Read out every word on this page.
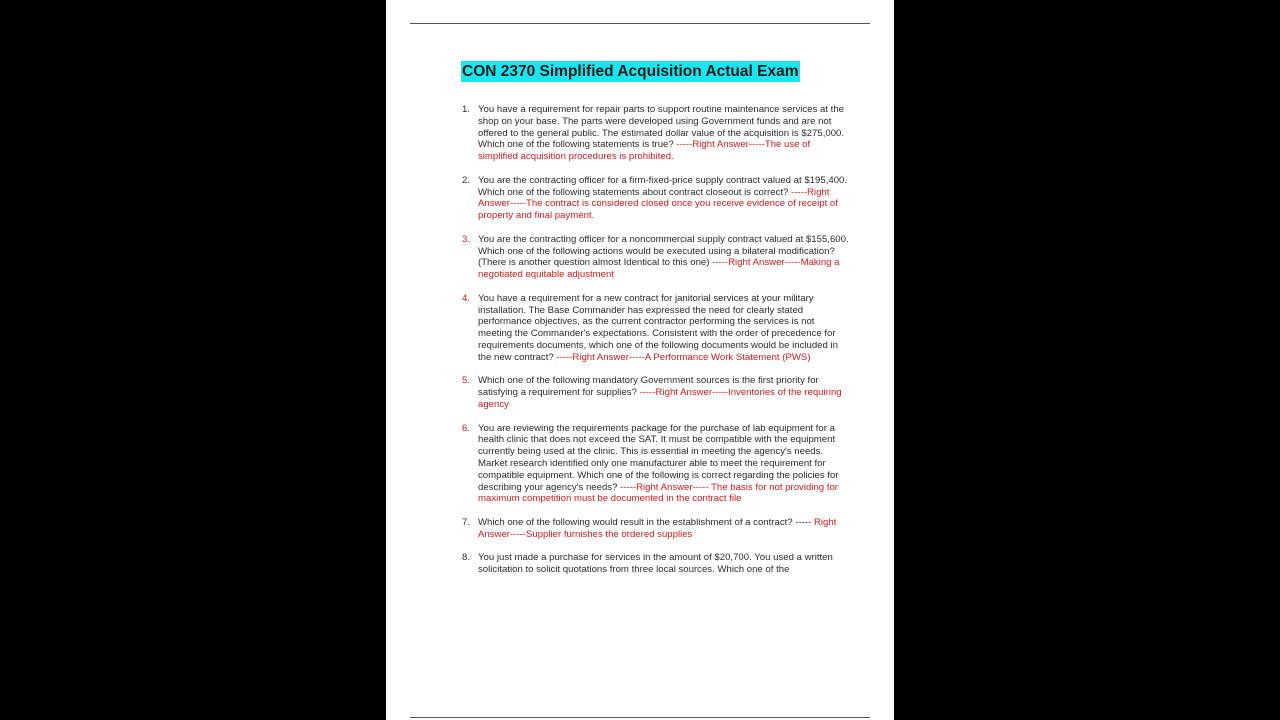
CON 2370 Simplified Acquisition Actual Exam
1. You have a requirement for repair parts to support routine maintenance services at the shop on your base. The parts were developed using Government funds and are not offered to the general public. The estimated dollar value of the acquisition is $275,000. Which one of the following statements is true? -----Right Answer-----The use of simplified acquisition procedures is prohibited.
2. You are the contracting officer for a firm-fixed-price supply contract valued at $195,400. Which one of the following statements about contract closeout is correct? -----Right Answer-----The contract is considered closed once you receive evidence of receipt of property and final payment.
3. You are the contracting officer for a noncommercial supply contract valued at $155,600. Which one of the following actions would be executed using a bilateral modification? (There is another question almost Identical to this one) -----Right Answer-----Making a negotiated equitable adjustment
4. You have a requirement for a new contract for janitorial services at your military installation. The Base Commander has expressed the need for clearly stated performance objectives, as the current contractor performing the services is not meeting the Commander's expectations. Consistent with the order of precedence for requirements documents, which one of the following documents would be included in the new contract? -----Right Answer-----A Performance Work Statement (PWS)
5. Which one of the following mandatory Government sources is the first priority for satisfying a requirement for supplies? -----Right Answer-----Inventories of the requiring agency
6. You are reviewing the requirements package for the purchase of lab equipment for a health clinic that does not exceed the SAT. It must be compatible with the equipment currently being used at the clinic. This is essential in meeting the agency's needs. Market research identified only one manufacturer able to meet the requirement for compatible equipment. Which one of the following is correct regarding the policies for describing your agency's needs? -----Right Answer----- The basis for not providing for maximum competition must be documented in the contract file
7. Which one of the following would result in the establishment of a contract? ----- Right Answer-----Supplier furnishes the ordered supplies
8. You just made a purchase for services in the amount of $20,700. You used a written solicitation to solicit quotations from three local sources. Which one of the
